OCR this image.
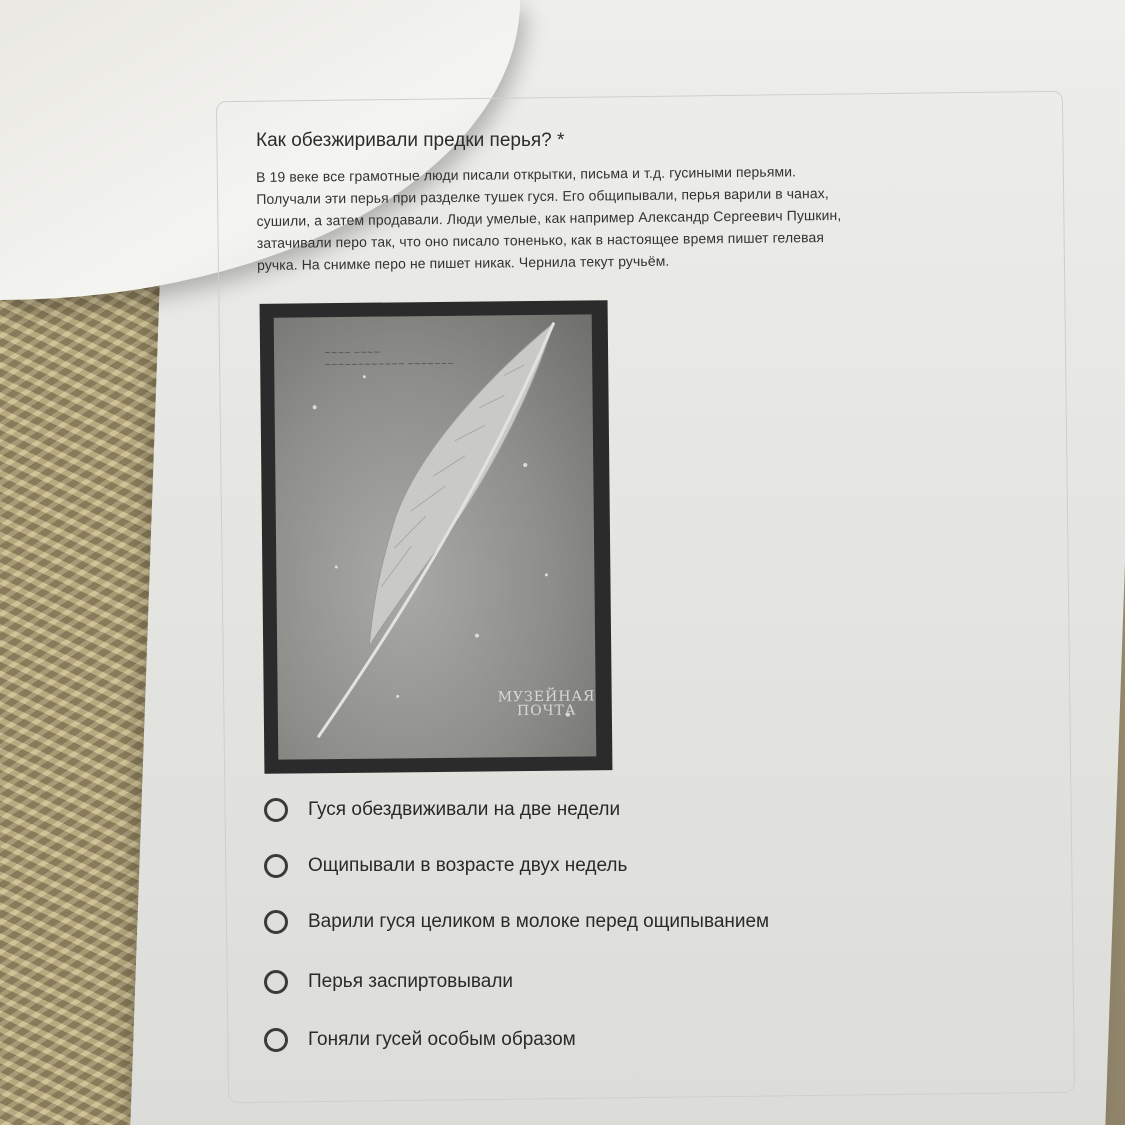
Как обезжиривали предки перья? *
В 19 веке все грамотные люди писали открытки, письма и т.д. гусиными перьями.
Получали эти перья при разделке тушек гуся. Его общипывали, перья варили в чанах,
сушили, а затем продавали. Люди умелые, как например Александр Сергеевич Пушкин,
затачивали перо так, что оно писало тоненько, как в настоящее время пишет гелевая
ручка. На снимке перо не пишет никак. Чернила текут ручьём.
~~~~ ~~~~
~~~~~~~~~~~~ ~~~~~~~
МУЗЕЙНАЯ
ПОЧТА
Гуся обездвиживали на две недели
Ощипывали в возрасте двух недель
Варили гуся целиком в молоке перед ощипыванием
Перья заспиртовывали
Гоняли гусей особым образом
